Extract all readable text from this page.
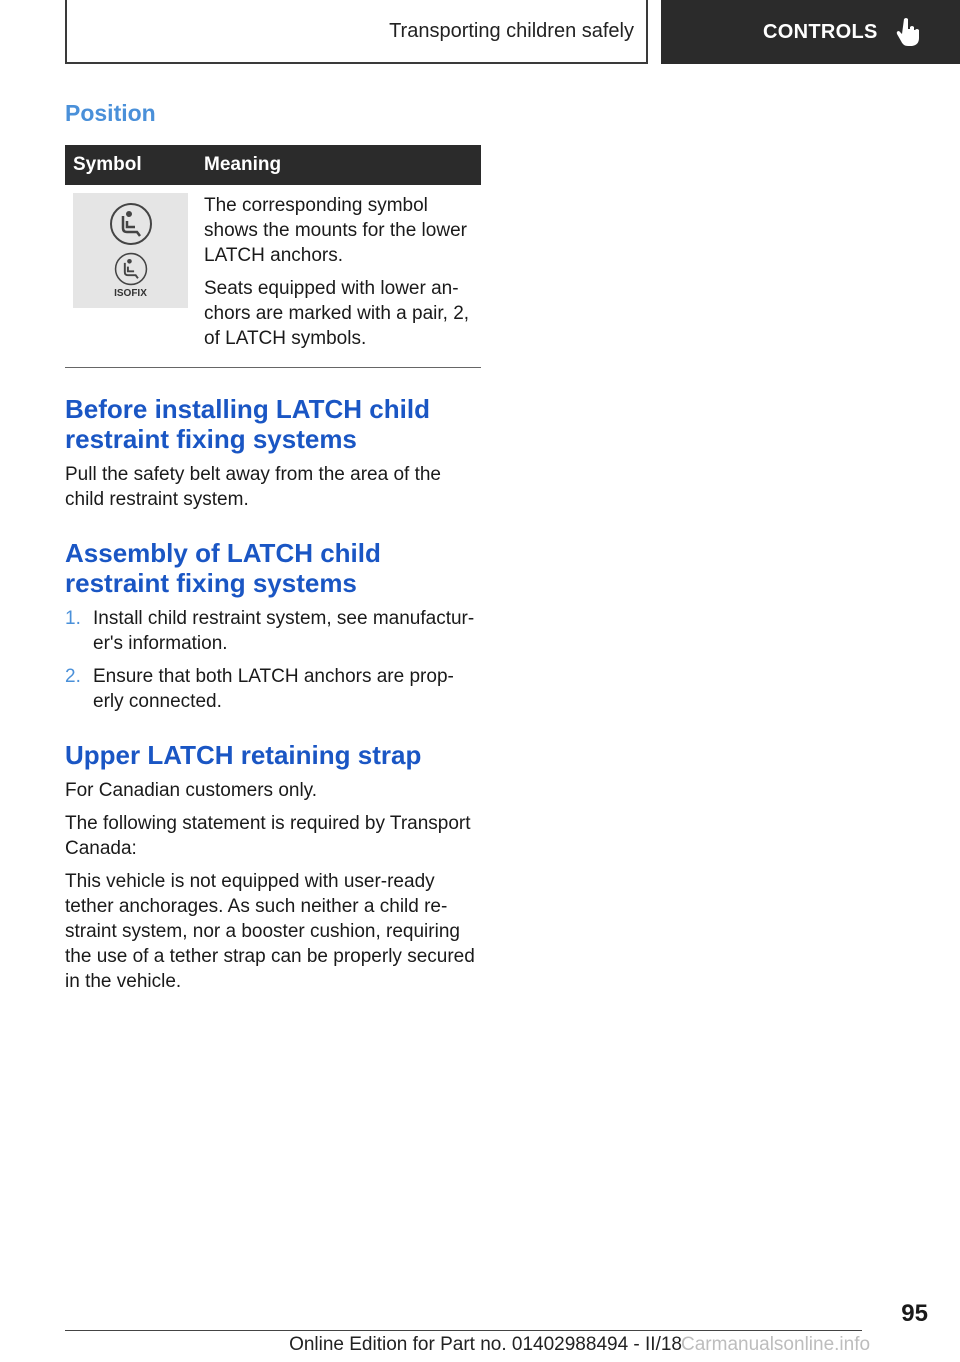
Transporting children safely	CONTROLS
Position
Symbol	Meaning

ISOFIX	The corresponding symbol shows the mounts for the lower LATCH anchors.

Seats equipped with lower an- chors are marked with a pair, 2, of LATCH symbols.

Before installing LATCH child restraint fixing systems

Pull the safety belt away from the area of the child restraint system.

Assembly of LATCH child restraint fixing systems
1. Install child restraint system, see manufactur- er's information.
2. Ensure that both LATCH anchors are prop- erly connected.
Upper LATCH retaining strap

For Canadian customers only.

The following statement is required by Transport Canada:

This vehicle is not equipped with user-ready tether anchorages. As such neither a child re- straint system, nor a booster cushion, requiring the use of a tether strap can be properly secured in the vehicle.

95
Online Edition for Part no. 01402988494 - II/18 Carmanualsonline.info
